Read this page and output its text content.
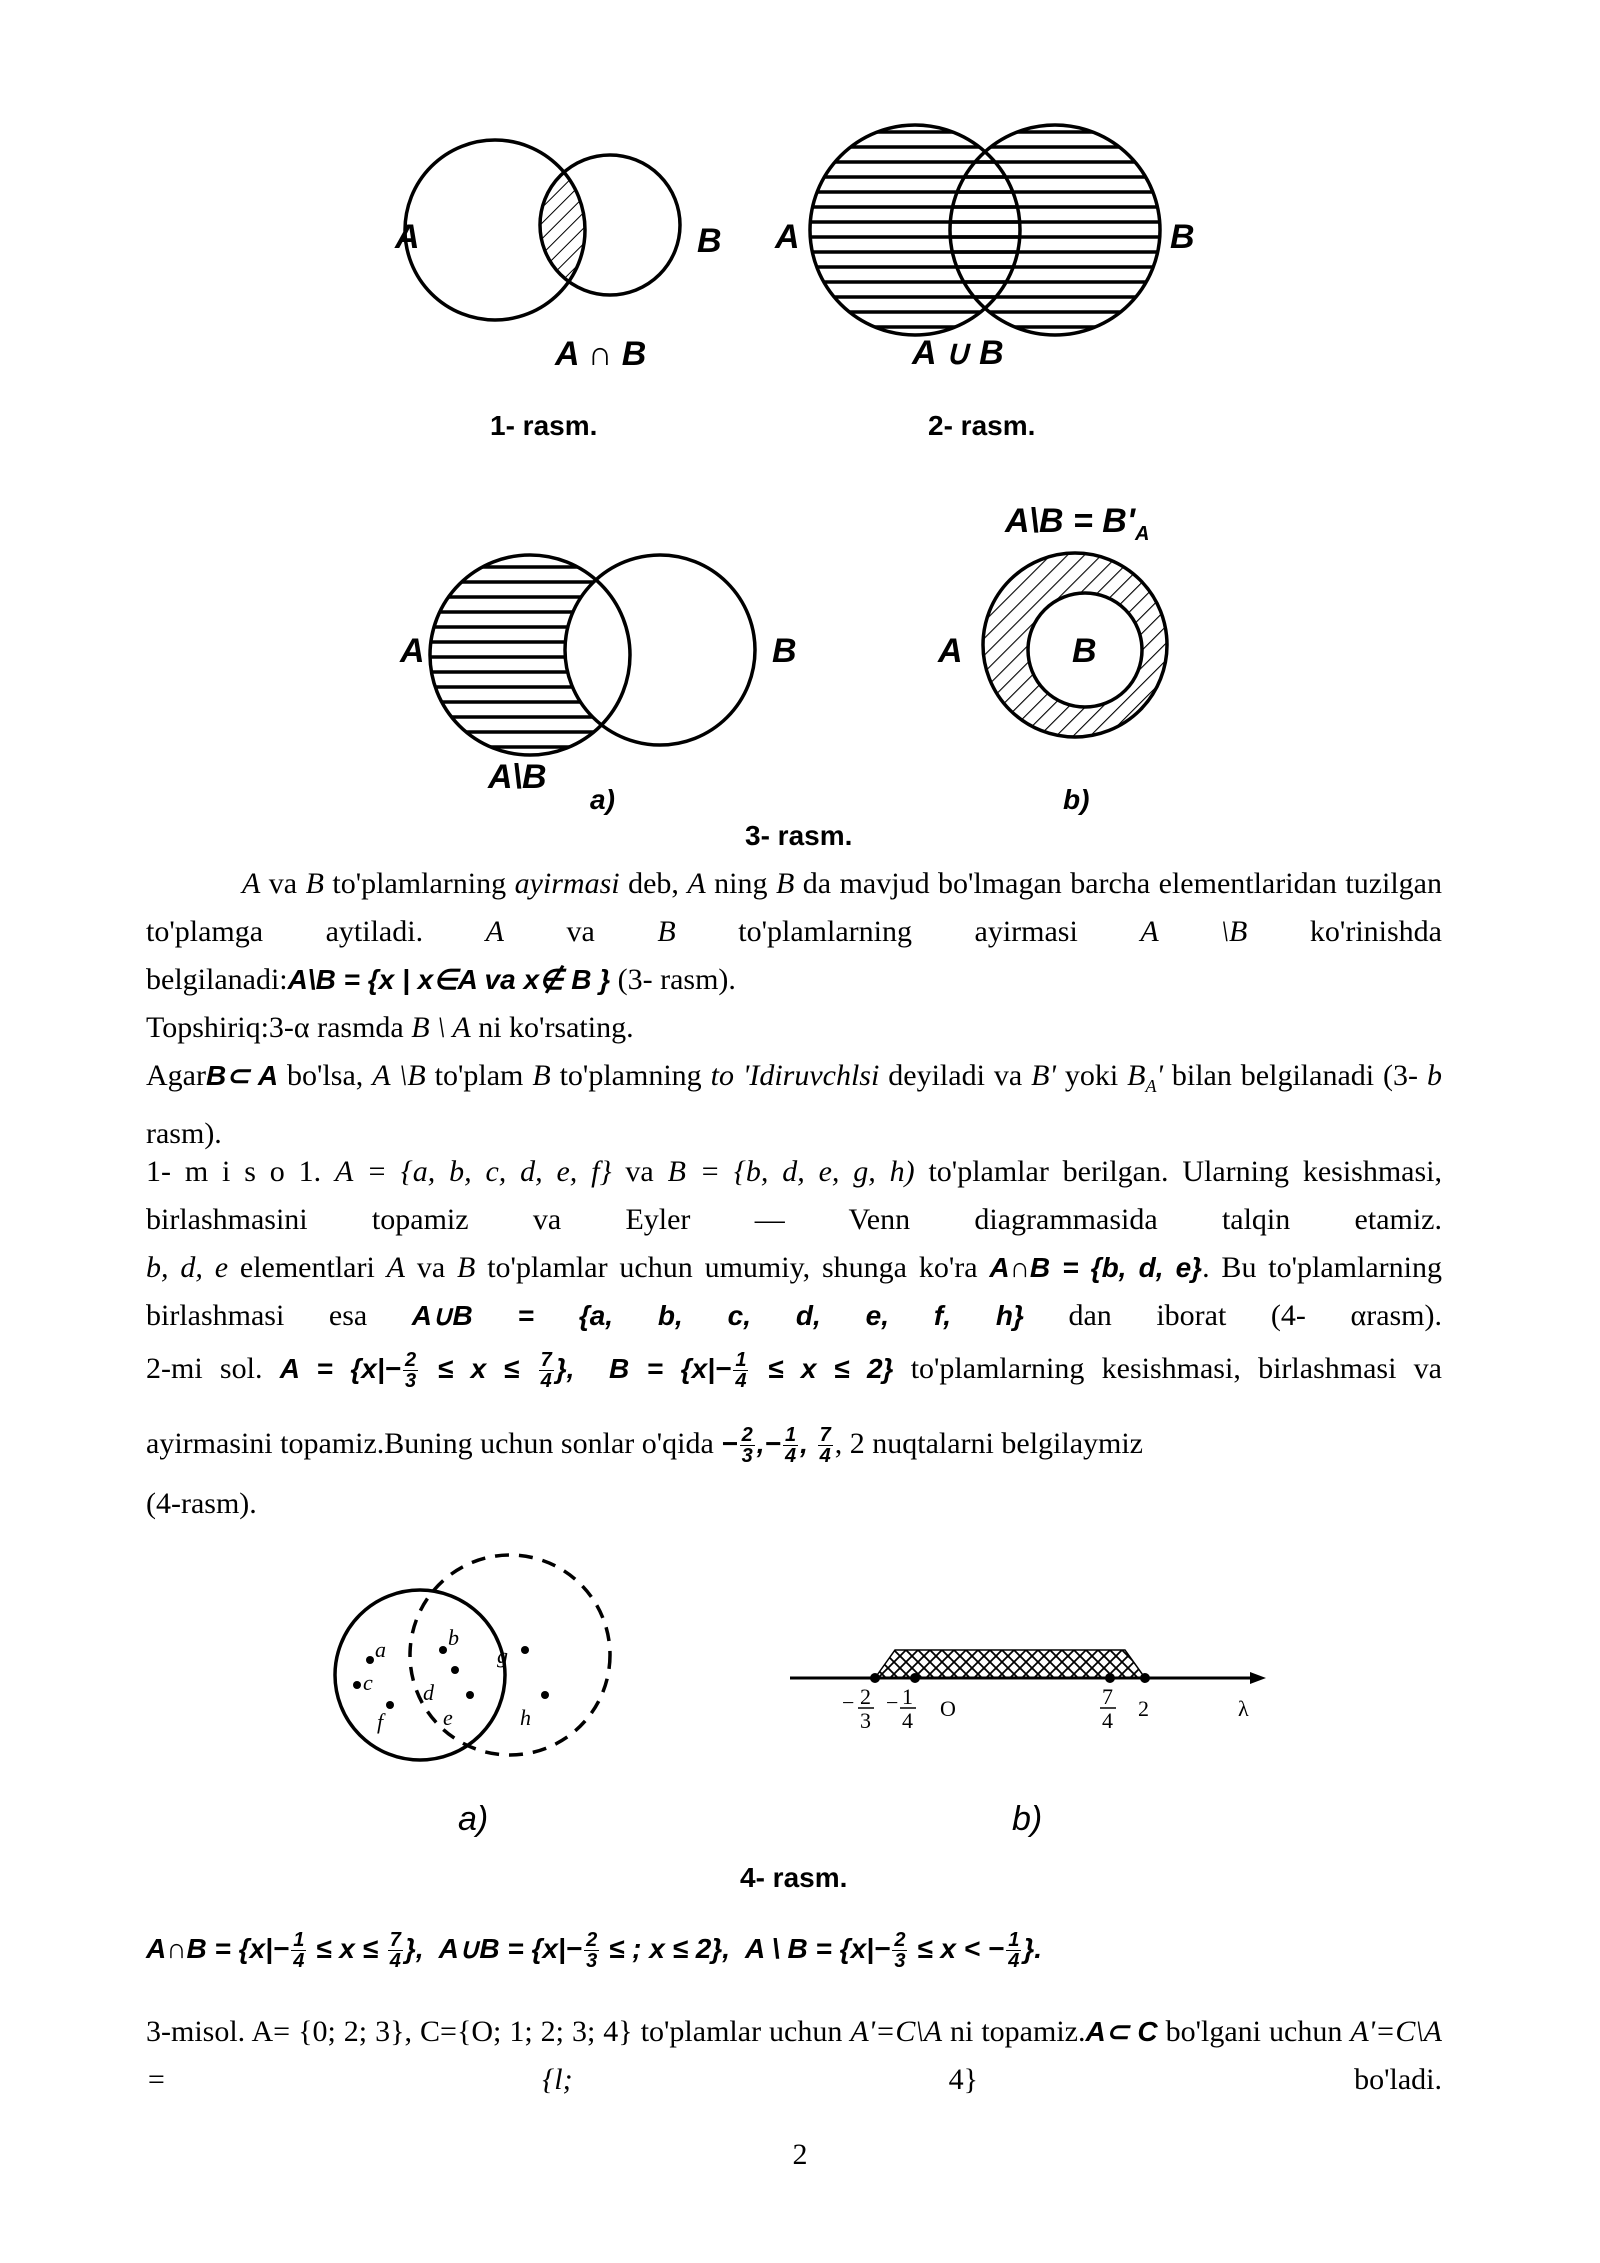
A	B
A ∩ B
1- rasm.
A	B
A ∪ B
2- rasm.
A	B
A\B
a)
A\B = $B'_A$
A	B
b)
3- rasm.
A va B to'plamlarning ayirmasi deb, A ning B da mavjud bo'lmagan barcha elementlaridan tuzilgan to'plamga aytiladi. A va B to'plamlarning ayirmasi A \B ko'rinishda
belgilanadi:A\B = {x | x∈A va x∉ B } (3- rasm).
Topshiriq:3-α rasmda B \ A ni ko'rsating.
AgarB⊂ A bo'lsa, A \B to'plam B to'plamning to 'Idiruvchlsi deyiladi va B' yoki $B_A'$ bilan belgilanadi (3- b rasm).
1- m i s o 1. A = {a, b, c, d, e, f} va B = {b, d, e, g, h) to'plamlar berilgan. Ularning kesishmasi, birlashmasini topamiz va Eyler — Venn diagrammasida talqin etamiz.
b, d, e elementlari A va B to'plamlar uchun umumiy, shunga ko'ra A∩B = {b, d, e}. Bu to'plamlarning birlashmasi esa A∪B = {a, b, c, d, e, f, h} dan iborat (4- αrasm).
2-mi sol. $A = \{x|- \frac{2}{3} \le x \le \frac{7}{4}$ }, $B = \{x|- \frac{1}{4} \le x \le 2\}$ to'plamlarning kesishmasi, birlashmasi va
ayirmasini topamiz.Buning uchun sonlar o'qida − $\frac{2}{3}$ ,− $\frac{1}{4}$ , $\frac{7}{4}$ , 2 nuqtalarni belgilaymiz
(4-rasm).
a	b
c d
e
f
g
h
a)
− 2
3
− 1
4 O	7
4 2	λ
b)
4- rasm.
A∩B = {$x|- \frac{1}{4} \le x \le \frac{7}{4}$ }, A∪B = {$x|- \frac{2}{3}$ ≤ ; x ≤ 2}, A \ $B = \{x|- \frac{2}{3} \le x$ < − $\frac{1}{4}$ }.
3-misol. A= {0; 2; 3}, C={O; 1; 2; 3; 4} to'plamlar uchun A'=C\A ni topamiz.A⊂ C bo'lgani uchun A'=C\A = {l; 4} bo'ladi.
2
